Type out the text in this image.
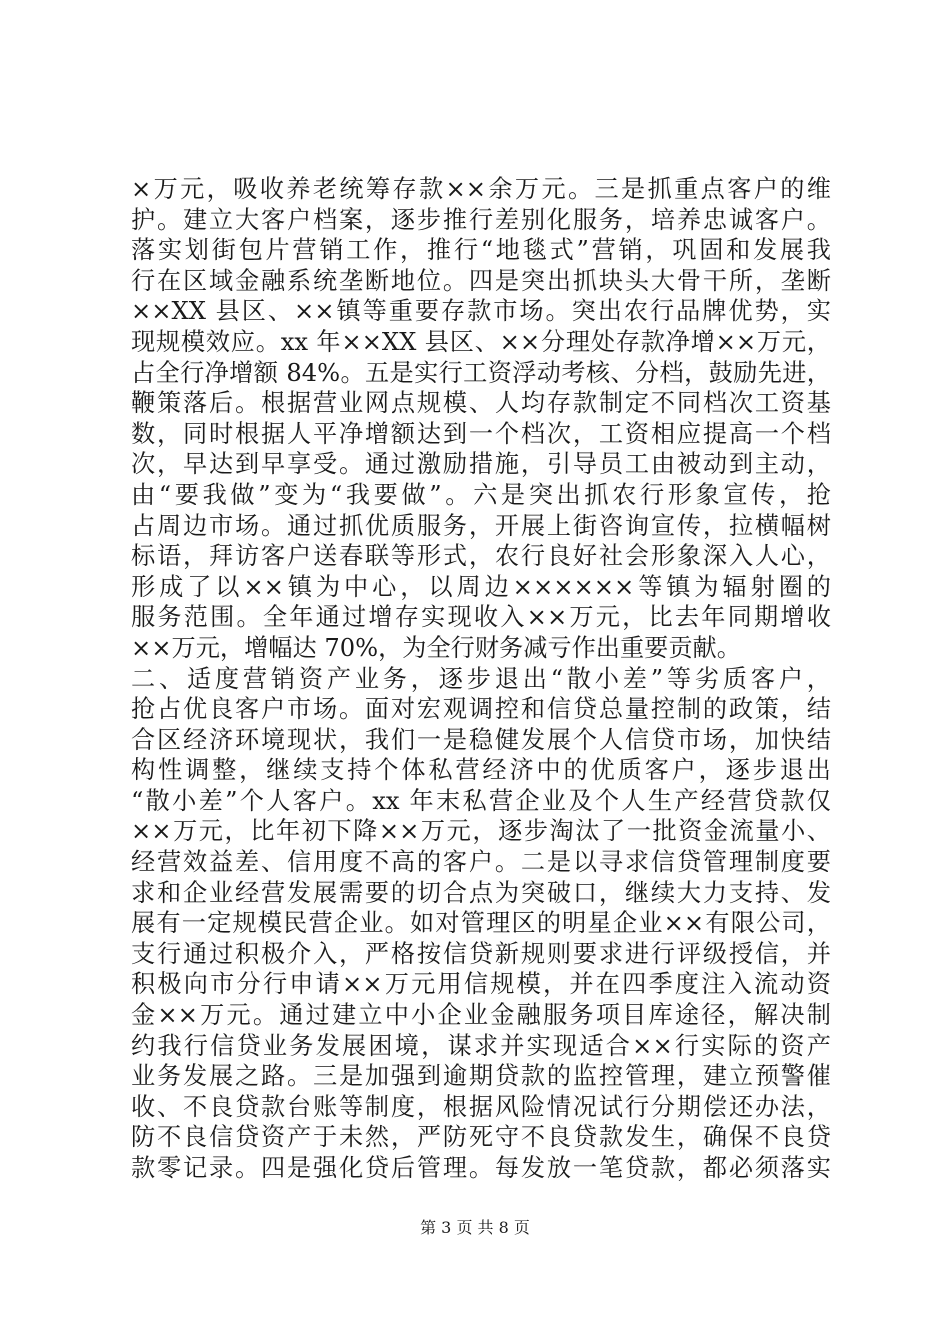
×万元，吸收养老统筹存款××余万元。三是抓重点客户的维
护。建立大客户档案，逐步推行差别化服务，培养忠诚客户。
落实划街包片营销工作，推行“地毯式”营销，巩固和发展我
行在区域金融系统垄断地位。四是突出抓块头大骨干所，垄断
××XX 县区、××镇等重要存款市场。突出农行品牌优势，实
现规模效应。xx 年××XX 县区、××分理处存款净增××万元，
占全行净增额 84%。五是实行工资浮动考核、分档，鼓励先进，
鞭策落后。根据营业网点规模、人均存款制定不同档次工资基
数，同时根据人平净增额达到一个档次，工资相应提高一个档
次，早达到早享受。通过激励措施，引导员工由被动到主动，
由“要我做”变为“我要做”。六是突出抓农行形象宣传，抢
占周边市场。通过抓优质服务，开展上街咨询宣传，拉横幅树
标语，拜访客户送春联等形式，农行良好社会形象深入人心，
形成了以××镇为中心，以周边××××××等镇为辐射圈的
服务范围。全年通过增存实现收入××万元，比去年同期增收
××万元，增幅达 70%，为全行财务减亏作出重要贡献。
二、适度营销资产业务，逐步退出“散小差”等劣质客户，
抢占优良客户市场。面对宏观调控和信贷总量控制的政策，结
合区经济环境现状，我们一是稳健发展个人信贷市场，加快结
构性调整，继续支持个体私营经济中的优质客户，逐步退出
“散小差”个人客户。xx 年末私营企业及个人生产经营贷款仅
××万元，比年初下降××万元，逐步淘汰了一批资金流量小、
经营效益差、信用度不高的客户。二是以寻求信贷管理制度要
求和企业经营发展需要的切合点为突破口，继续大力支持、发
展有一定规模民营企业。如对管理区的明星企业××有限公司，
支行通过积极介入，严格按信贷新规则要求进行评级授信，并
积极向市分行申请××万元用信规模，并在四季度注入流动资
金××万元。通过建立中小企业金融服务项目库途径，解决制
约我行信贷业务发展困境，谋求并实现适合××行实际的资产
业务发展之路。三是加强到逾期贷款的监控管理，建立预警催
收、不良贷款台账等制度，根据风险情况试行分期偿还办法，
防不良信贷资产于未然，严防死守不良贷款发生，确保不良贷
款零记录。四是强化贷后管理。每发放一笔贷款，都必须落实
第 3 页 共 8 页
